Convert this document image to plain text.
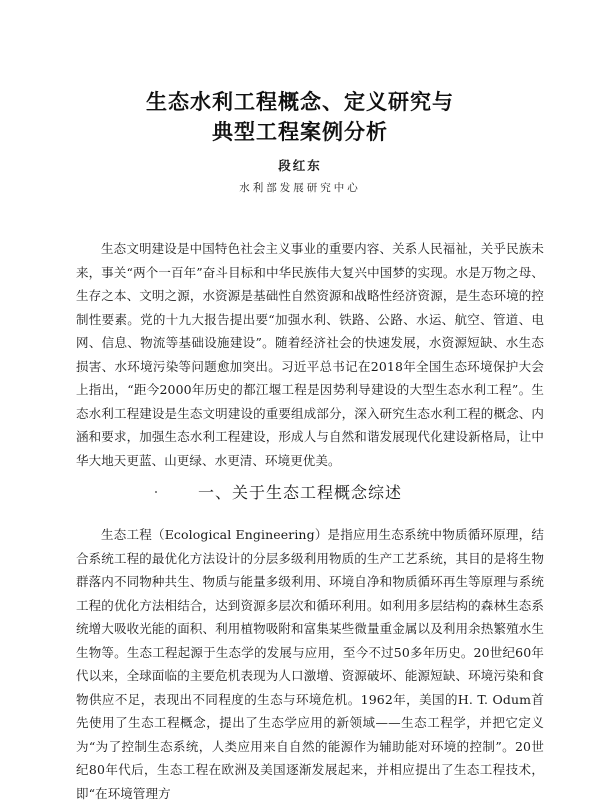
生态水利工程概念、定义研究与
典型工程案例分析
段红东
水利部发展研究中心

生态文明建设是中国特色社会主义事业的重要内容、关系人民福祉，关乎民族未来，事关“两个一百年”奋斗目标和中华民族伟大复兴中国梦的实现。水是万物之母、生存之本、文明之源，水资源是基础性自然资源和战略性经济资源，是生态环境的控制性要素。党的十九大报告提出要“加强水利、铁路、公路、水运、航空、管道、电网、信息、物流等基础设施建设”。随着经济社会的快速发展，水资源短缺、水生态损害、水环境污染等问题愈加突出。习近平总书记在2018年全国生态环境保护大会上指出，“距今2000年历史的都江堰工程是因势利导建设的大型生态水利工程”。生态水利工程建设是生态文明建设的重要组成部分，深入研究生态水利工程的概念、内涵和要求，加强生态水利工程建设，形成人与自然和谐发展现代化建设新格局，让中华大地天更蓝、山更绿、水更清、环境更优美。

一、关于生态工程概念综述

生态工程（Ecological Engineering）是指应用生态系统中物质循环原理，结合系统工程的最优化方法设计的分层多级利用物质的生产工艺系统，其目的是将生物群落内不同物种共生、物质与能量多级利用、环境自净和物质循环再生等原理与系统工程的优化方法相结合，达到资源多层次和循环利用。如利用多层结构的森林生态系统增大吸收光能的面积、利用植物吸附和富集某些微量重金属以及利用余热繁殖水生生物等。生态工程起源于生态学的发展与应用，至今不过50多年历史。20世纪60年代以来，全球面临的主要危机表现为人口激增、资源破坏、能源短缺、环境污染和食物供应不足，表现出不同程度的生态与环境危机。1962年，美国的H. T. Odum首先使用了生态工程概念，提出了生态学应用的新领域——生态工程学，并把它定义为“为了控制生态系统，人类应用来自自然的能源作为辅助能对环境的控制”。20世纪80年代后，生态工程在欧洲及美国逐渐发展起来，并相应提出了生态工程技术，即“在环境管理方
